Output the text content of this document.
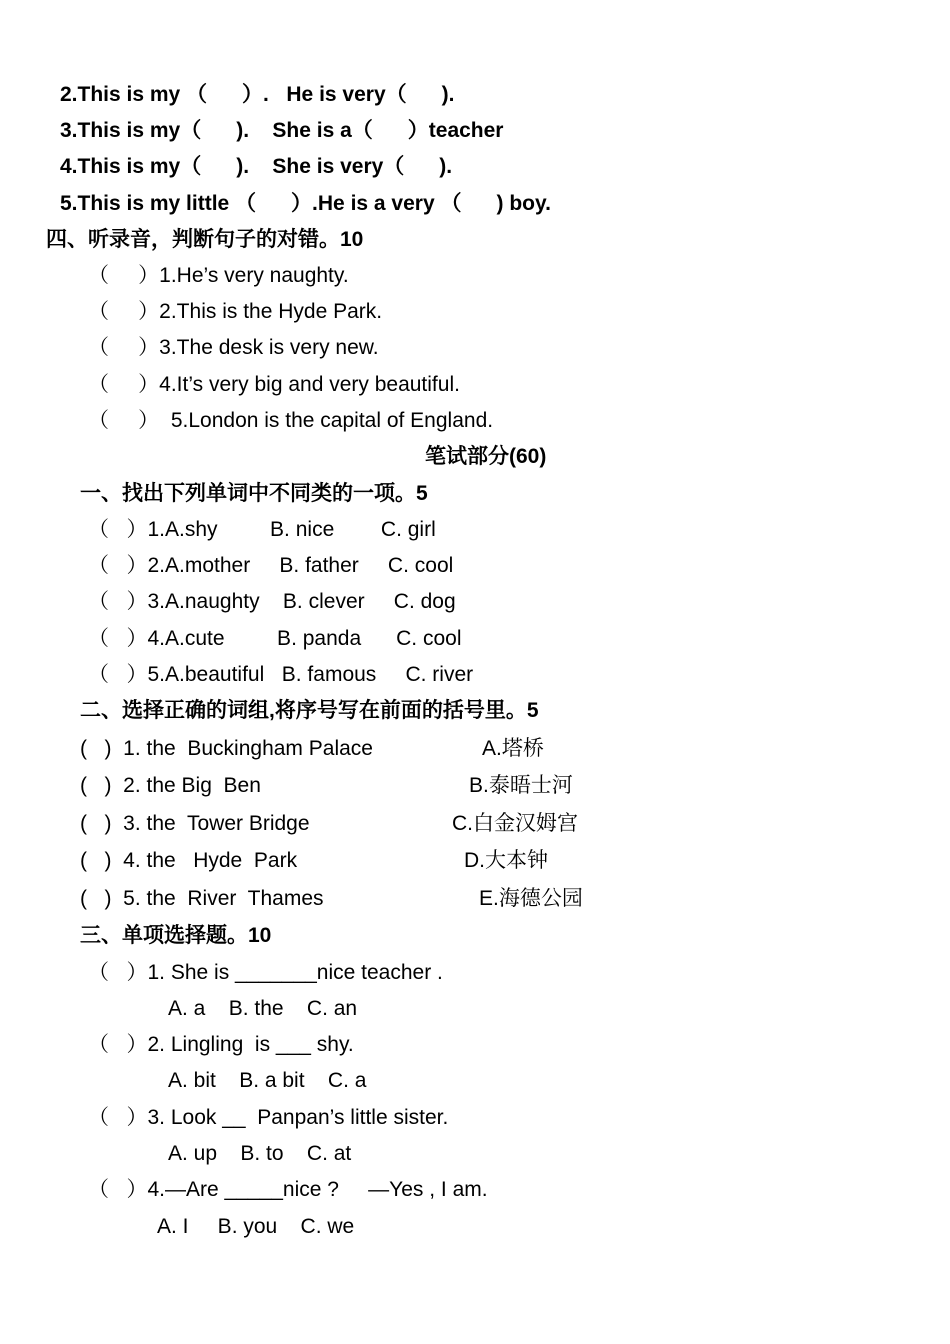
2.This is my （      ）.   He is very（      ).
3.This is my（      ).    She is a（      ）teacher
4.This is my（      ).    She is very（      ).
5.This is my little （      ）.He is a very （      ) boy.
四、听录音，判断句子的对错。10
（     ）1.He’s very naughty.
（     ）2.This is the Hyde Park.
（     ）3.The desk is very new.
（     ）4.It’s very big and very beautiful.
（     ）  5.London is the capital of England.
笔试部分(60)
一、找出下列单词中不同类的一项。5
（   ）1.A.shy         B. nice        C. girl
（   ）2.A.mother     B. father     C. cool
（   ）3.A.naughty    B. clever     C. dog
（   ）4.A.cute         B. panda      C. cool
（   ）5.A.beautiful   B. famous     C. river
二、选择正确的词组,将序号写在前面的括号里。5
(   )  1. the  Buckingham Palace	A.塔桥
(   )  2. the Big  Ben	B.泰晤士河
(   )  3. the  Tower Bridge	C.白金汉姆宫
(   )  4. the   Hyde  Park	D.大本钟
(   )  5. the  River  Thames	E.海德公园
三、单项选择题。10
（   ）1. She is _______nice teacher .
A. a    B. the    C. an
（   ）2. Lingling  is ___ shy.
A. bit    B. a bit    C. a
（   ）3. Look __  Panpan’s little sister.
A. up    B. to    C. at
（   ）4.—Are _____nice ?     —Yes , I am.
A. I     B. you    C. we
